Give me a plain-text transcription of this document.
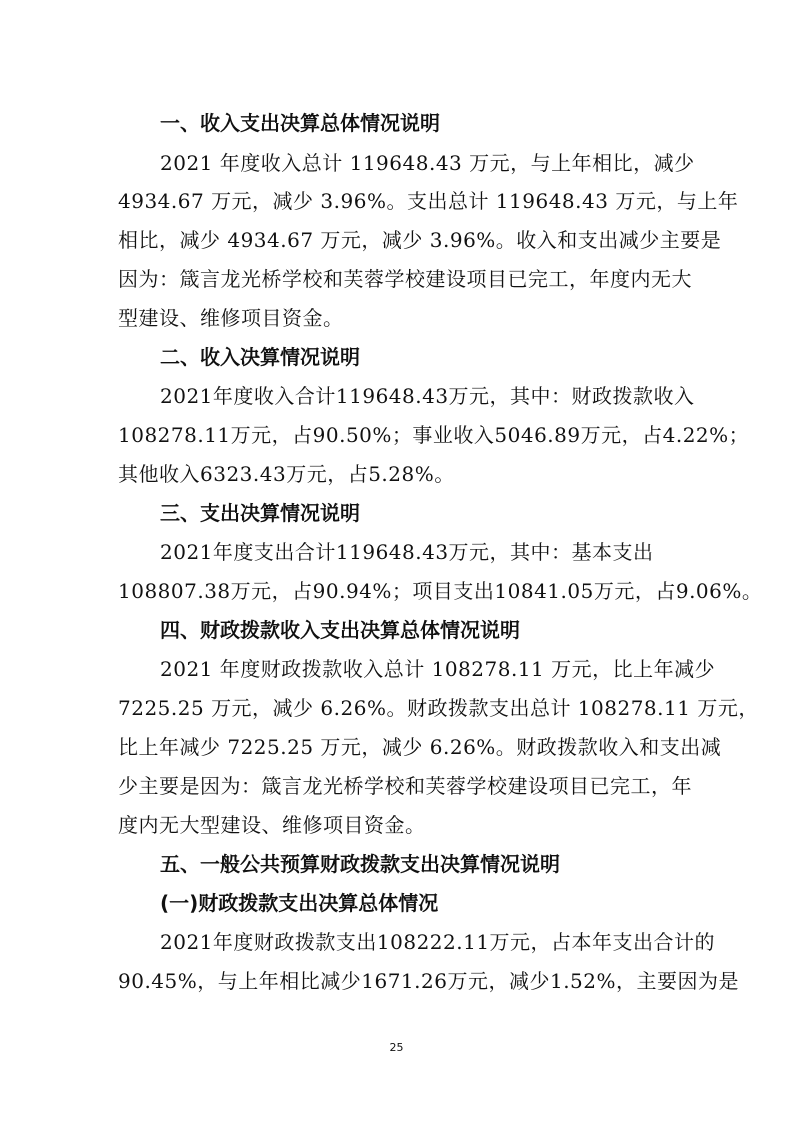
一、收入支出决算总体情况说明
2021 年度收入总计 119648.43 万元，与上年相比，减少
4934.67 万元，减少 3.96%。支出总计 119648.43 万元，与上年
相比，减少 4934.67 万元，减少 3.96%。收入和支出减少主要是
因为：箴言龙光桥学校和芙蓉学校建设项目已完工，年度内无大
型建设、维修项目资金。
二、收入决算情况说明
2021年度收入合计119648.43万元，其中：财政拨款收入
108278.11万元，占90.50%；事业收入5046.89万元，占4.22%；
其他收入6323.43万元，占5.28%。
三、支出决算情况说明
2021年度支出合计119648.43万元，其中：基本支出
108807.38万元，占90.94%；项目支出10841.05万元，占9.06%。
四、财政拨款收入支出决算总体情况说明
2021 年度财政拨款收入总计 108278.11 万元，比上年减少
7225.25 万元，减少 6.26%。财政拨款支出总计 108278.11 万元，
比上年减少 7225.25 万元，减少 6.26%。财政拨款收入和支出减
少主要是因为：箴言龙光桥学校和芙蓉学校建设项目已完工，年
度内无大型建设、维修项目资金。
五、一般公共预算财政拨款支出决算情况说明
(一)财政拨款支出决算总体情况
2021年度财政拨款支出108222.11万元，占本年支出合计的
90.45%，与上年相比减少1671.26万元，减少1.52%，主要因为是
25
